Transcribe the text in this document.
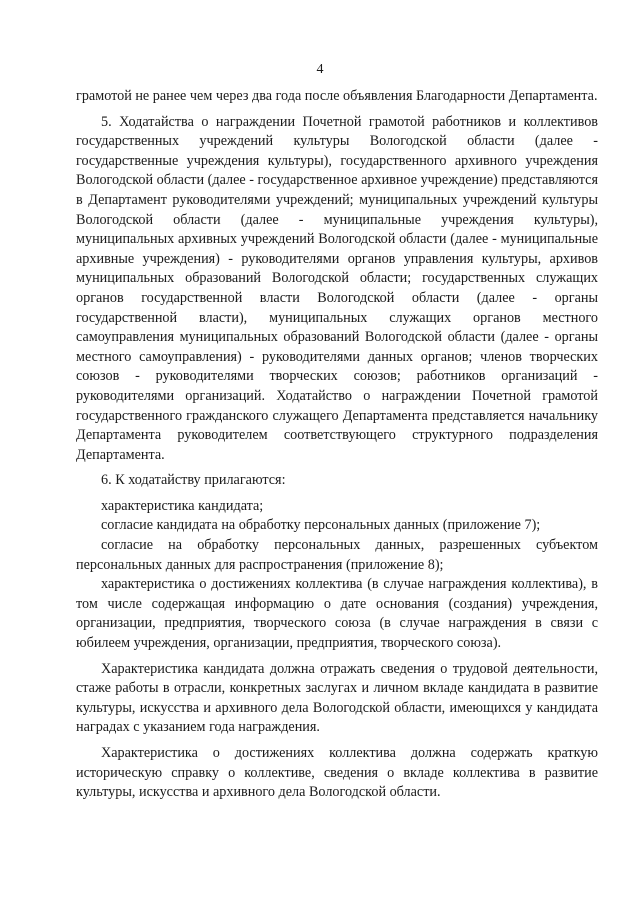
4

грамотой не ранее чем через два года после объявления Благодарности Департамента.

5. Ходатайства о награждении Почетной грамотой работников и коллективов государственных учреждений культуры Вологодской области (далее - государственные учреждения культуры), государственного архивного учреждения Вологодской области (далее - государственное архивное учреждение) представляются в Департамент руководителями учреждений; муниципальных учреждений культуры Вологодской области (далее - муниципальные учреждения культуры), муниципальных архивных учреждений Вологодской области (далее - муниципальные архивные учреждения) - руководителями органов управления культуры, архивов муниципальных образований Вологодской области; государственных служащих органов государственной власти Вологодской области (далее - органы государственной власти), муниципальных служащих органов местного самоуправления муниципальных образований Вологодской области (далее - органы местного самоуправления) - руководителями данных органов; членов творческих союзов - руководителями творческих союзов; работников организаций - руководителями организаций. Ходатайство о награждении Почетной грамотой государственного гражданского служащего Департамента представляется начальнику Департамента руководителем соответствующего структурного подразделения Департамента.

6. К ходатайству прилагаются:

характеристика кандидата;

согласие кандидата на обработку персональных данных (приложение 7);

согласие на обработку персональных данных, разрешенных субъектом персональных данных для распространения (приложение 8);

характеристика о достижениях коллектива (в случае награждения коллектива), в том числе содержащая информацию о дате основания (создания) учреждения, организации, предприятия, творческого союза (в случае награждения в связи с юбилеем учреждения, организации, предприятия, творческого союза).

Характеристика кандидата должна отражать сведения о трудовой деятельности, стаже работы в отрасли, конкретных заслугах и личном вкладе кандидата в развитие культуры, искусства и архивного дела Вологодской области, имеющихся у кандидата наградах с указанием года награждения.

Характеристика о достижениях коллектива должна содержать краткую историческую справку о коллективе, сведения о вкладе коллектива в развитие культуры, искусства и архивного дела Вологодской области.
